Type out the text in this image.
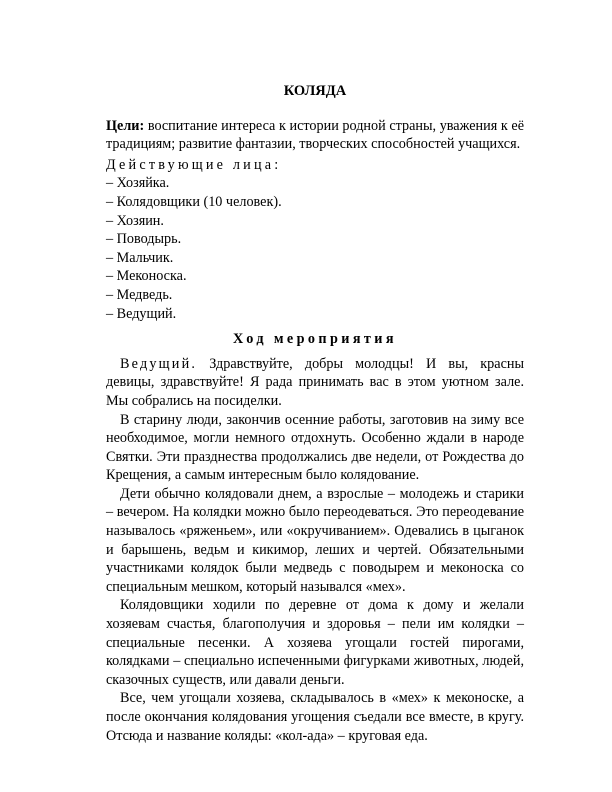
КОЛЯДА

Цели: воспитание интереса к истории родной страны, уважения к её традициям; развитие фантазии, творческих способностей учащихся.

Действующие лица:
– Хозяйка.
– Колядовщики (10 человек).
– Хозяин.
– Поводырь.
– Мальчик.
– Меконоска.
– Медведь.
– Ведущий.
Ход мероприятия

Ведущий. Здравствуйте, добры молодцы! И вы, красны девицы, здравствуйте! Я рада принимать вас в этом уютном зале. Мы собрались на посиделки.

В старину люди, закончив осенние работы, заготовив на зиму все необходимое, могли немного отдохнуть. Особенно ждали в народе Святки. Эти празднества продолжались две недели, от Рождества до Крещения, а самым интересным было колядование.

Дети обычно колядовали днем, а взрослые – молодежь и старики – вечером. На колядки можно было переодеваться. Это переодевание называлось «ряженьем», или «окручиванием». Одевались в цыганок и барышень, ведьм и кикимор, леших и чертей. Обязательными участниками колядок были медведь с поводырем и меконоска со специальным мешком, который назывался «мех».

Колядовщики ходили по деревне от дома к дому и желали хозяевам счастья, благополучия и здоровья – пели им колядки – специальные песенки. А хозяева угощали гостей пирогами, колядками – специально испеченными фигурками животных, людей, сказочных существ, или давали деньги.

Все, чем угощали хозяева, складывалось в «мех» к меконоске, а после окончания колядования угощения съедали все вместе, в кругу. Отсюда и название коляды: «кол-ада» – круговая еда.
